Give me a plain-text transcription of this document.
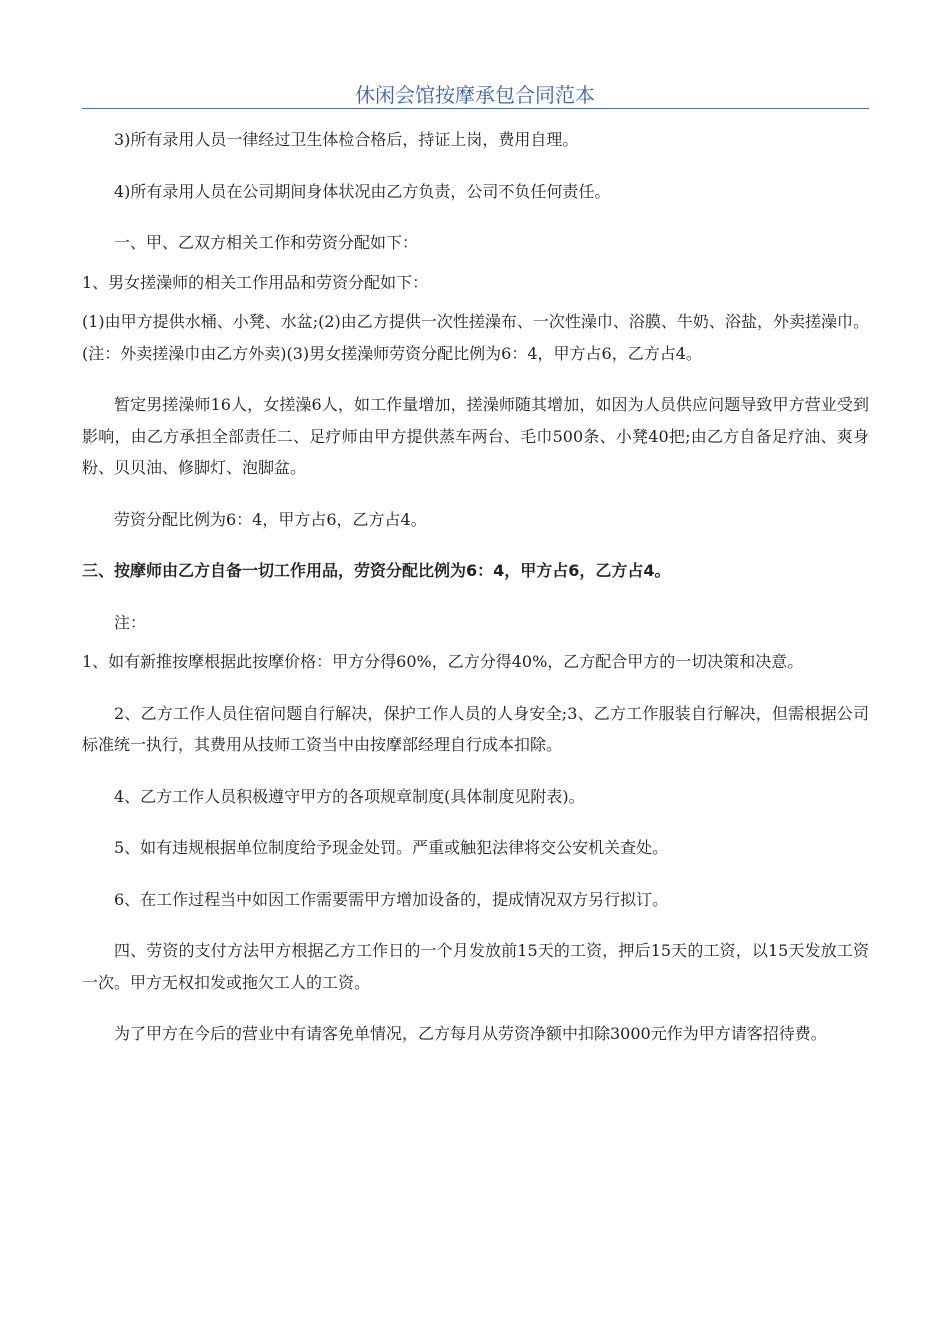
休闲会馆按摩承包合同范本

3)所有录用人员一律经过卫生体检合格后，持证上岗，费用自理。

4)所有录用人员在公司期间身体状况由乙方负责，公司不负任何责任。

一、甲、乙双方相关工作和劳资分配如下：

1、男女搓澡师的相关工作用品和劳资分配如下：

(1)由甲方提供水桶、小凳、水盆;(2)由乙方提供一次性搓澡布、一次性澡巾、浴膜、牛奶、浴盐，外卖搓澡巾。(注：外卖搓澡巾由乙方外卖)(3)男女搓澡师劳资分配比例为6：4，甲方占6，乙方占4。

暂定男搓澡师16人，女搓澡6人，如工作量增加，搓澡师随其增加，如因为人员供应问题导致甲方营业受到影响，由乙方承担全部责任二、足疗师由甲方提供蒸车两台、毛巾500条、小凳40把;由乙方自备足疗油、爽身粉、贝贝油、修脚灯、泡脚盆。

劳资分配比例为6：4，甲方占6，乙方占4。

三、按摩师由乙方自备一切工作用品，劳资分配比例为6：4，甲方占6，乙方占4。

注：

1、如有新推按摩根据此按摩价格：甲方分得60%，乙方分得40%，乙方配合甲方的一切决策和决意。

2、乙方工作人员住宿问题自行解决，保护工作人员的人身安全;3、乙方工作服装自行解决，但需根据公司标准统一执行，其费用从技师工资当中由按摩部经理自行成本扣除。

4、乙方工作人员积极遵守甲方的各项规章制度(具体制度见附表)。

5、如有违规根据单位制度给予现金处罚。严重或触犯法律将交公安机关查处。

6、在工作过程当中如因工作需要需甲方增加设备的，提成情况双方另行拟订。

四、劳资的支付方法甲方根据乙方工作日的一个月发放前15天的工资，押后15天的工资，以15天发放工资一次。甲方无权扣发或拖欠工人的工资。

为了甲方在今后的营业中有请客免单情况，乙方每月从劳资净额中扣除3000元作为甲方请客招待费。
